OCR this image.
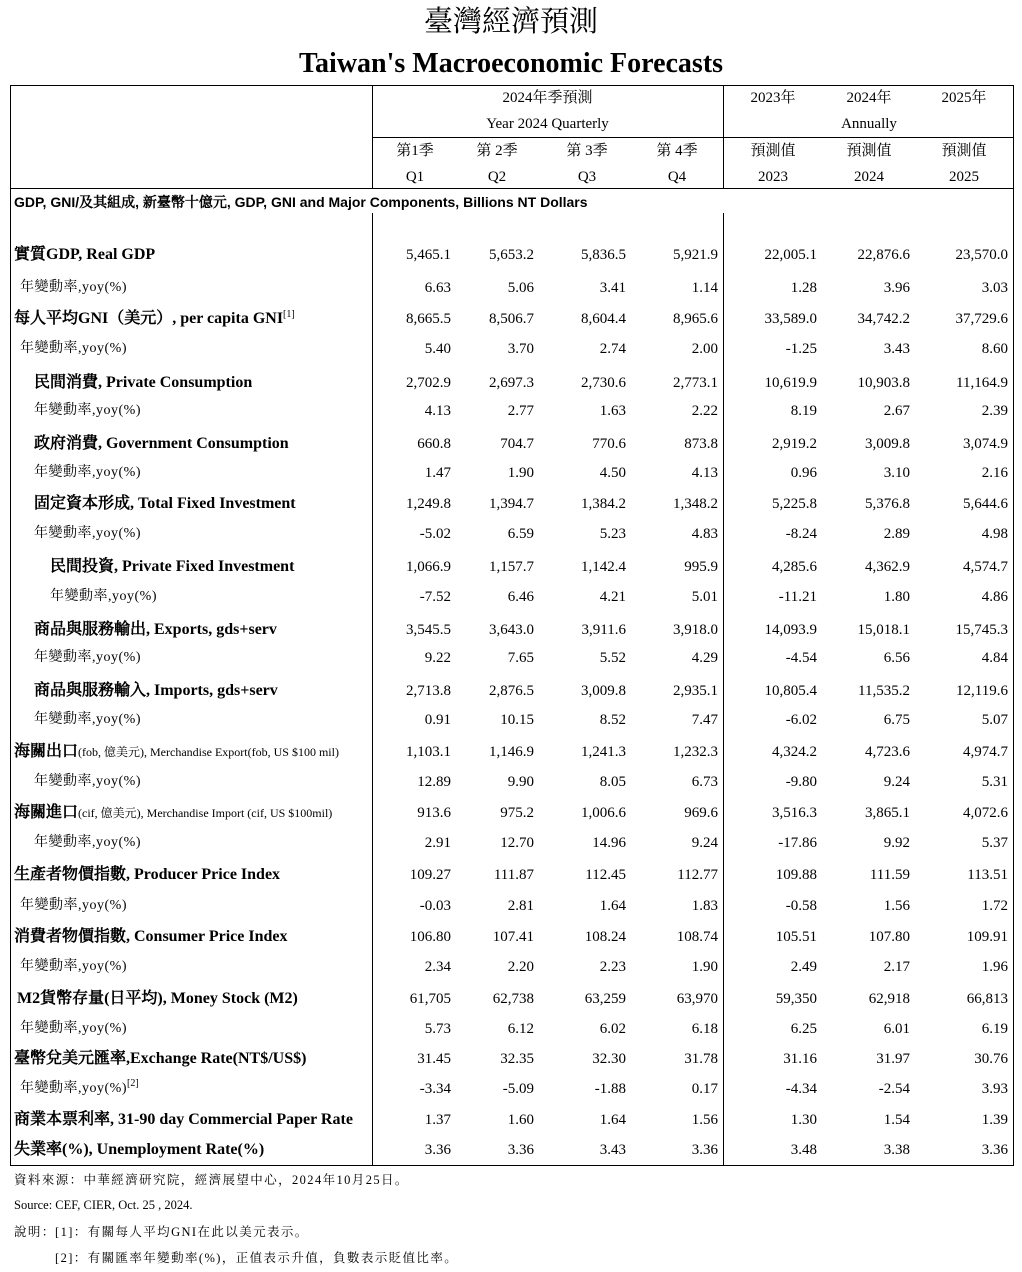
臺灣經濟預測
Taiwan's Macroeconomic Forecasts
2024年季預測	2023年	2024年	2025年
Year 2024 Quarterly	Annually
第1季	第 2季	第 3季	第 4季	預測值	預測值	預測值
Q1	Q2	Q3	Q4	2023	2024	2025
GDP, GNI/及其組成, 新臺幣十億元, GDP, GNI and Major Components, Billions NT Dollars
實質GDP, Real GDP	5,465.1	5,653.2	5,836.5	5,921.9	22,005.1	22,876.6	23,570.0
年變動率,yoy(%)	6.63	5.06	3.41	1.14	1.28	3.96	3.03
每人平均GNI（美元）, per capita GNI[1]	8,665.5	8,506.7	8,604.4	8,965.6	33,589.0	34,742.2	37,729.6
年變動率,yoy(%)	5.40	3.70	2.74	2.00	-1.25	3.43	8.60
民間消費, Private Consumption	2,702.9	2,697.3	2,730.6	2,773.1	10,619.9	10,903.8	11,164.9
年變動率,yoy(%)	4.13	2.77	1.63	2.22	8.19	2.67	2.39
政府消費, Government Consumption	660.8	704.7	770.6	873.8	2,919.2	3,009.8	3,074.9
年變動率,yoy(%)	1.47	1.90	4.50	4.13	0.96	3.10	2.16
固定資本形成, Total Fixed Investment	1,249.8	1,394.7	1,384.2	1,348.2	5,225.8	5,376.8	5,644.6
年變動率,yoy(%)	-5.02	6.59	5.23	4.83	-8.24	2.89	4.98
民間投資, Private Fixed Investment	1,066.9	1,157.7	1,142.4	995.9	4,285.6	4,362.9	4,574.7
年變動率,yoy(%)	-7.52	6.46	4.21	5.01	-11.21	1.80	4.86
商品與服務輸出, Exports, gds+serv	3,545.5	3,643.0	3,911.6	3,918.0	14,093.9	15,018.1	15,745.3
年變動率,yoy(%)	9.22	7.65	5.52	4.29	-4.54	6.56	4.84
商品與服務輸入, Imports, gds+serv	2,713.8	2,876.5	3,009.8	2,935.1	10,805.4	11,535.2	12,119.6
年變動率,yoy(%)	0.91	10.15	8.52	7.47	-6.02	6.75	5.07
海關出口(fob, 億美元), Merchandise Export(fob, US $100 mil)	1,103.1	1,146.9	1,241.3	1,232.3	4,324.2	4,723.6	4,974.7
年變動率,yoy(%)	12.89	9.90	8.05	6.73	-9.80	9.24	5.31
海關進口(cif, 億美元), Merchandise Import (cif, US $100mil)	913.6	975.2	1,006.6	969.6	3,516.3	3,865.1	4,072.6
年變動率,yoy(%)	2.91	12.70	14.96	9.24	-17.86	9.92	5.37
生產者物價指數, Producer Price Index	109.27	111.87	112.45	112.77	109.88	111.59	113.51
年變動率,yoy(%)	-0.03	2.81	1.64	1.83	-0.58	1.56	1.72
消費者物價指數, Consumer Price Index	106.80	107.41	108.24	108.74	105.51	107.80	109.91
年變動率,yoy(%)	2.34	2.20	2.23	1.90	2.49	2.17	1.96
M2貨幣存量(日平均), Money Stock (M2)	61,705	62,738	63,259	63,970	59,350	62,918	66,813
年變動率,yoy(%)	5.73	6.12	6.02	6.18	6.25	6.01	6.19
臺幣兌美元匯率,Exchange Rate(NT$/US$)	31.45	32.35	32.30	31.78	31.16	31.97	30.76
年變動率,yoy(%)[2]	-3.34	-5.09	-1.88	0.17	-4.34	-2.54	3.93
商業本票利率, 31-90 day Commercial Paper Rate	1.37	1.60	1.64	1.56	1.30	1.54	1.39
失業率(%), Unemployment Rate(%)	3.36	3.36	3.43	3.36	3.48	3.38	3.36
資料來源：中華經濟研究院，經濟展望中心，2024年10月25日。
Source: CEF, CIER, Oct. 25 , 2024.
說明： [1]：有關每人平均GNI在此以美元表示。
[2]：有關匯率年變動率(%)，正值表示升值，負數表示貶值比率。
